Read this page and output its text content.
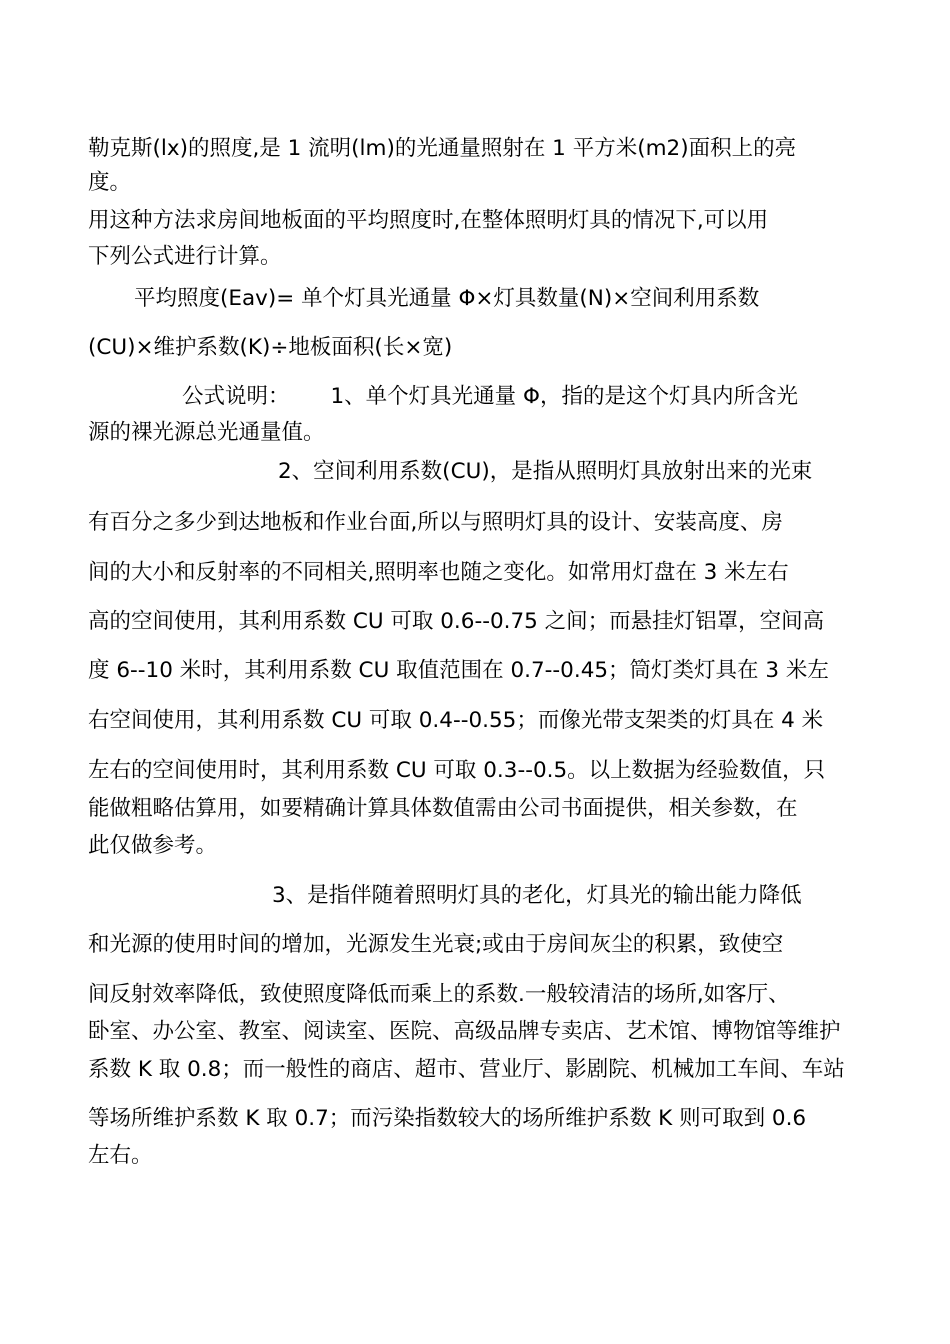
勒克斯(lx)的照度,是 1 流明(lm)的光通量照射在 1 平方米(m2)面积上的亮
度。
用这种方法求房间地板面的平均照度时,在整体照明灯具的情况下,可以用
下列公式进行计算。
平均照度(Eav)= 单个灯具光通量 Φ×灯具数量(N)×空间利用系数
(CU)×维护系数(K)÷地板面积(长×宽)
公式说明：      1、单个灯具光通量 Φ，指的是这个灯具内所含光
源的裸光源总光通量值。
2、空间利用系数(CU)，是指从照明灯具放射出来的光束
有百分之多少到达地板和作业台面,所以与照明灯具的设计、安装高度、房
间的大小和反射率的不同相关,照明率也随之变化。如常用灯盘在 3 米左右
高的空间使用，其利用系数 CU 可取 0.6--0.75 之间；而悬挂灯铝罩，空间高
度 6--10 米时，其利用系数 CU 取值范围在 0.7--0.45；筒灯类灯具在 3 米左
右空间使用，其利用系数 CU 可取 0.4--0.55；而像光带支架类的灯具在 4 米
左右的空间使用时，其利用系数 CU 可取 0.3--0.5。以上数据为经验数值，只
能做粗略估算用，如要精确计算具体数值需由公司书面提供，相关参数，在
此仅做参考。
3、是指伴随着照明灯具的老化，灯具光的输出能力降低
和光源的使用时间的增加，光源发生光衰;或由于房间灰尘的积累，致使空
间反射效率降低，致使照度降低而乘上的系数.一般较清洁的场所,如客厅、
卧室、办公室、教室、阅读室、医院、高级品牌专卖店、艺术馆、博物馆等维护
系数 K 取 0.8；而一般性的商店、超市、营业厅、影剧院、机械加工车间、车站
等场所维护系数 K 取 0.7；而污染指数较大的场所维护系数 K 则可取到 0.6
左右。
